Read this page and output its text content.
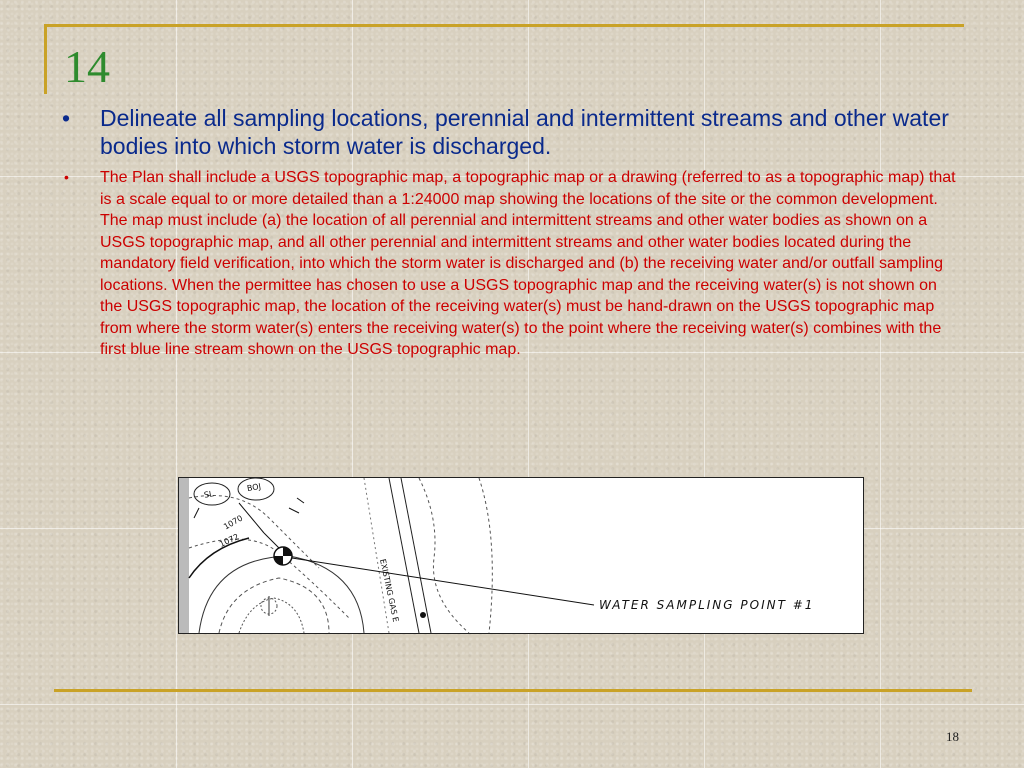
14
• Delineate all sampling locations, perennial and intermittent streams and other water bodies into which storm water is discharged.
• The Plan shall include a USGS topographic map, a topographic map or a drawing (referred to as a topographic map) that is a scale equal to or more detailed than a 1:24000 map showing the locations of the site or the common development. The map must include (a) the location of all perennial and intermittent streams and other water bodies as shown on a USGS topographic map, and all other perennial and intermittent streams and other water bodies located during the mandatory field verification, into which the storm water is discharged and (b) the receiving water and/or outfall sampling locations. When the permittee has chosen to use a USGS topographic map and the receiving water(s) is not shown on the USGS topographic map, the location of the receiving water(s) must be hand-drawn on the USGS topographic map from where the storm water(s) enters the receiving water(s) to the point where the receiving water(s) combines with the first blue line stream shown on the USGS topographic map.
SL
BOJ
1070
1072
EXISTING GAS E	WATER SAMPLING POINT #1
18
